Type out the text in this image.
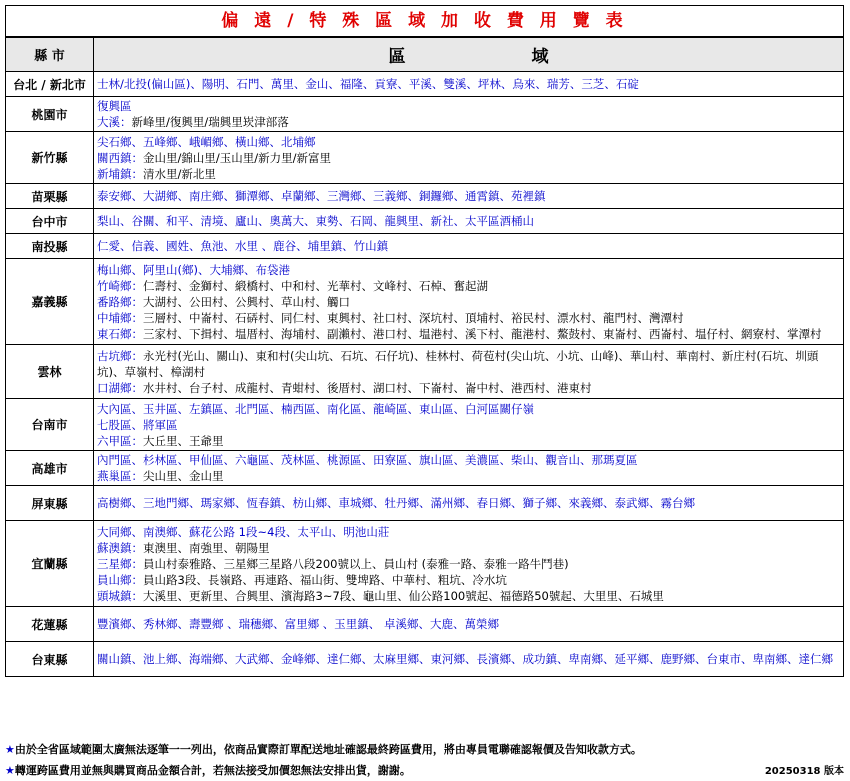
偏 遠 / 特 殊 區 域 加 收 費 用 覽 表
縣 市	區 域
台北 / 新北市	士林/北投(偏山區)、陽明、石門、萬里、金山、福隆、貢寮、平溪、雙溪、坪林、烏來、瑞芳、三芝、石碇

桃園市	復興區
大溪：新峰里/復興里/瑞興里崁津部落

新竹縣	尖石鄉、五峰鄉、峨嵋鄉、橫山鄉、北埔鄉
關西鎮：金山里/錦山里/玉山里/新力里/新富里
新埔鎮：清水里/新北里

苗栗縣	泰安鄉、大湖鄉、南庄鄉、獅潭鄉、卓蘭鄉、三灣鄉、三義鄉、銅鑼鄉、通霄鎮、苑裡鎮

台中市	梨山、谷關、和平、清境、廬山、奧萬大、東勢、石岡、龍興里、新社、太平區酒桶山

南投縣	仁愛、信義、國姓、魚池、水里 、鹿谷、埔里鎮、竹山鎮

嘉義縣	梅山鄉、阿里山(鄉)、大埔鄉、布袋港
竹崎鄉：仁壽村、金獅村、緞橋村、中和村、光華村、文峰村、石棹、奮起湖
番路鄉：大湖村、公田村、公興村、草山村、觸口
中埔鄉：三層村、中崙村、石硦村、同仁村、東興村、社口村、深坑村、頂埔村、裕民村、漂水村、龍門村、灣潭村
東石鄉：三家村、下揖村、塭厝村、海埔村、副瀨村、港口村、塭港村、溪下村、龍港村、鰲鼓村、東崙村、西崙村、塭仔村、網寮村、掌潭村

雲林	古坑鄉：永光村(光山、關山)、東和村(尖山坑、石坑、石仔坑)、桂林村、荷苞村(尖山坑、小坑、山峰)、華山村、華南村、新庄村(石坑、圳頭坑)、草嶺村、樟湖村
口湖鄉：水井村、台子村、成龍村、青蚶村、後厝村、湖口村、下崙村、崙中村、港西村、港東村

台南市	大內區、玉井區、左鎮區、北門區、楠西區、南化區、龍崎區、東山區、白河區關仔嶺
七股區、將軍區
六甲區：大丘里、王爺里

高雄市	內門區、杉林區、甲仙區、六龜區、茂林區、桃源區、田寮區、旗山區、美濃區、柴山、觀音山、那瑪夏區
燕巢區：尖山里、金山里

屏東縣	高樹鄉、三地門鄉、瑪家鄉、恆春鎮、枋山鄉、車城鄉、牡丹鄉、滿州鄉、春日鄉、獅子鄉、來義鄉、泰武鄉、霧台鄉

宜蘭縣	大同鄉、南澳鄉、蘇花公路 1段~4段、太平山、明池山莊
蘇澳鎮：東澳里、南強里、朝陽里
三星鄉：員山村泰雅路、三星鄉三星路八段200號以上、員山村 (泰雅一路、泰雅一路牛鬥巷)
員山鄉：員山路3段、長嶺路、再連路、福山街、雙埤路、中華村、粗坑、冷水坑
頭城鎮：大溪里、更新里、合興里、濱海路3~7段、龜山里、仙公路100號起、福德路50號起、大里里、石城里

花蓮縣	豐濱鄉、秀林鄉、壽豐鄉 、瑞穗鄉、富里鄉 、玉里鎮、 卓溪鄉、大鹿、萬榮鄉

台東縣	關山鎮、池上鄉、海端鄉、大武鄉、金峰鄉、達仁鄉、太麻里鄉、東河鄉、長濱鄉、成功鎮、卑南鄉、延平鄉、鹿野鄉、台東市、卑南鄉、達仁鄉
★由於全省區域範圍太廣無法逐筆一一列出，依商品實際訂單配送地址確認最終跨區費用，將由專員電聯確認報價及告知收款方式。
★轉運跨區費用並無與購買商品金額合計，若無法接受加價恕無法安排出貨，謝謝。	20250318 版本
